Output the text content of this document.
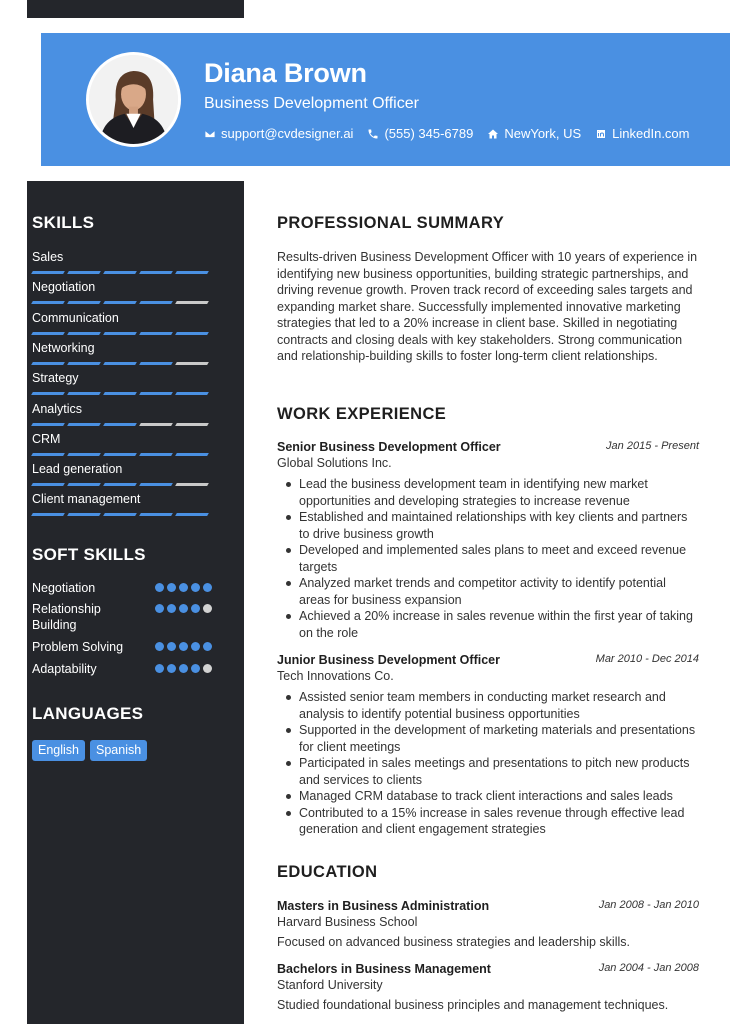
Diana Brown
Business Development Officer
support@cvdesigner.ai (555) 345-6789 NewYork, US LinkedIn.com
SKILLS
Sales
Negotiation
Communication
Networking
Strategy
Analytics
CRM
Lead generation
Client management
SOFT SKILLS
Negotiation
Relationship Building
Problem Solving
Adaptability
LANGUAGES
English	Spanish
PROFESSIONAL SUMMARY
Results-driven Business Development Officer with 10 years of experience in identifying new business opportunities, building strategic partnerships, and driving revenue growth. Proven track record of exceeding sales targets and expanding market share. Successfully implemented innovative marketing strategies that led to a 20% increase in client base. Skilled in negotiating contracts and closing deals with key stakeholders. Strong communication and relationship-building skills to foster long-term client relationships.
WORK EXPERIENCE
Senior Business Development Officer	Jan 2015 - Present
Global Solutions Inc.
Lead the business development team in identifying new market opportunities and developing strategies to increase revenue
Established and maintained relationships with key clients and partners to drive business growth
Developed and implemented sales plans to meet and exceed revenue targets
Analyzed market trends and competitor activity to identify potential areas for business expansion
Achieved a 20% increase in sales revenue within the first year of taking on the role
Junior Business Development Officer	Mar 2010 - Dec 2014
Tech Innovations Co.
Assisted senior team members in conducting market research and analysis to identify potential business opportunities
Supported in the development of marketing materials and presentations for client meetings
Participated in sales meetings and presentations to pitch new products and services to clients
Managed CRM database to track client interactions and sales leads
Contributed to a 15% increase in sales revenue through effective lead generation and client engagement strategies
EDUCATION
Masters in Business Administration	Jan 2008 - Jan 2010
Harvard Business School
Focused on advanced business strategies and leadership skills.
Bachelors in Business Management	Jan 2004 - Jan 2008
Stanford University
Studied foundational business principles and management techniques.
